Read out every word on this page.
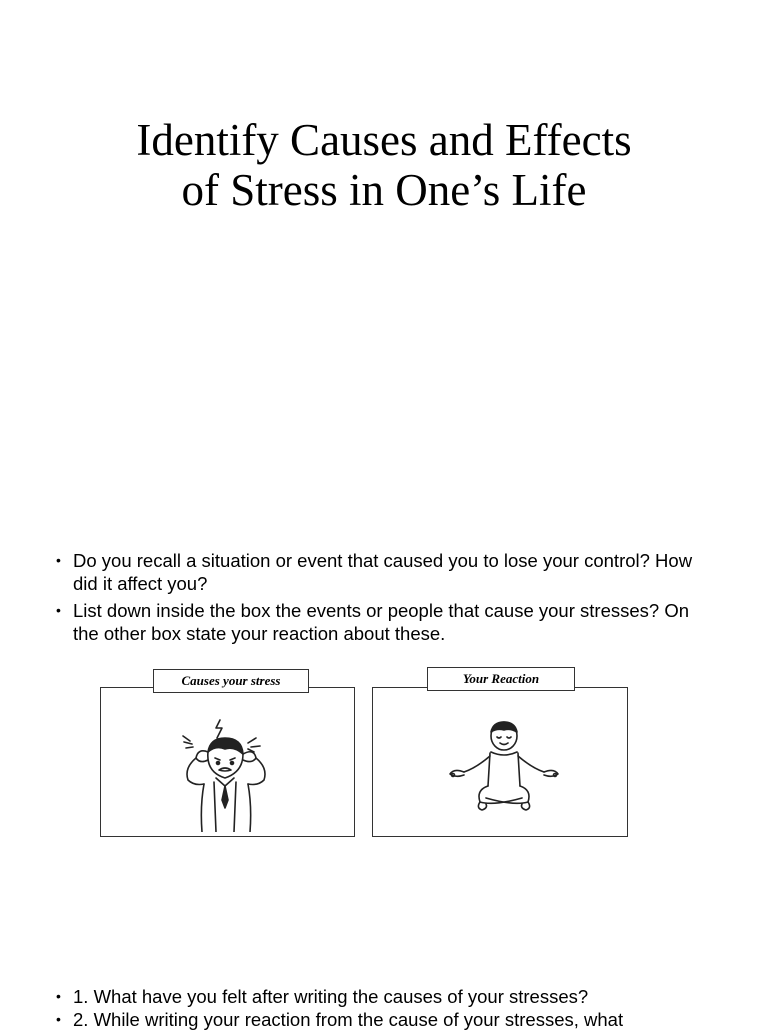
Identify Causes and Effects
of Stress in One’s Life
• Do you recall a situation or event that caused you to lose your control? How did it affect you?
• List down inside the box the events or people that cause your stresses? On the other box state your reaction about these.
Causes your stress	Your Reaction
• 1. What have you felt after writing the causes of your stresses?
• 2. While writing your reaction from the cause of your stresses, what
